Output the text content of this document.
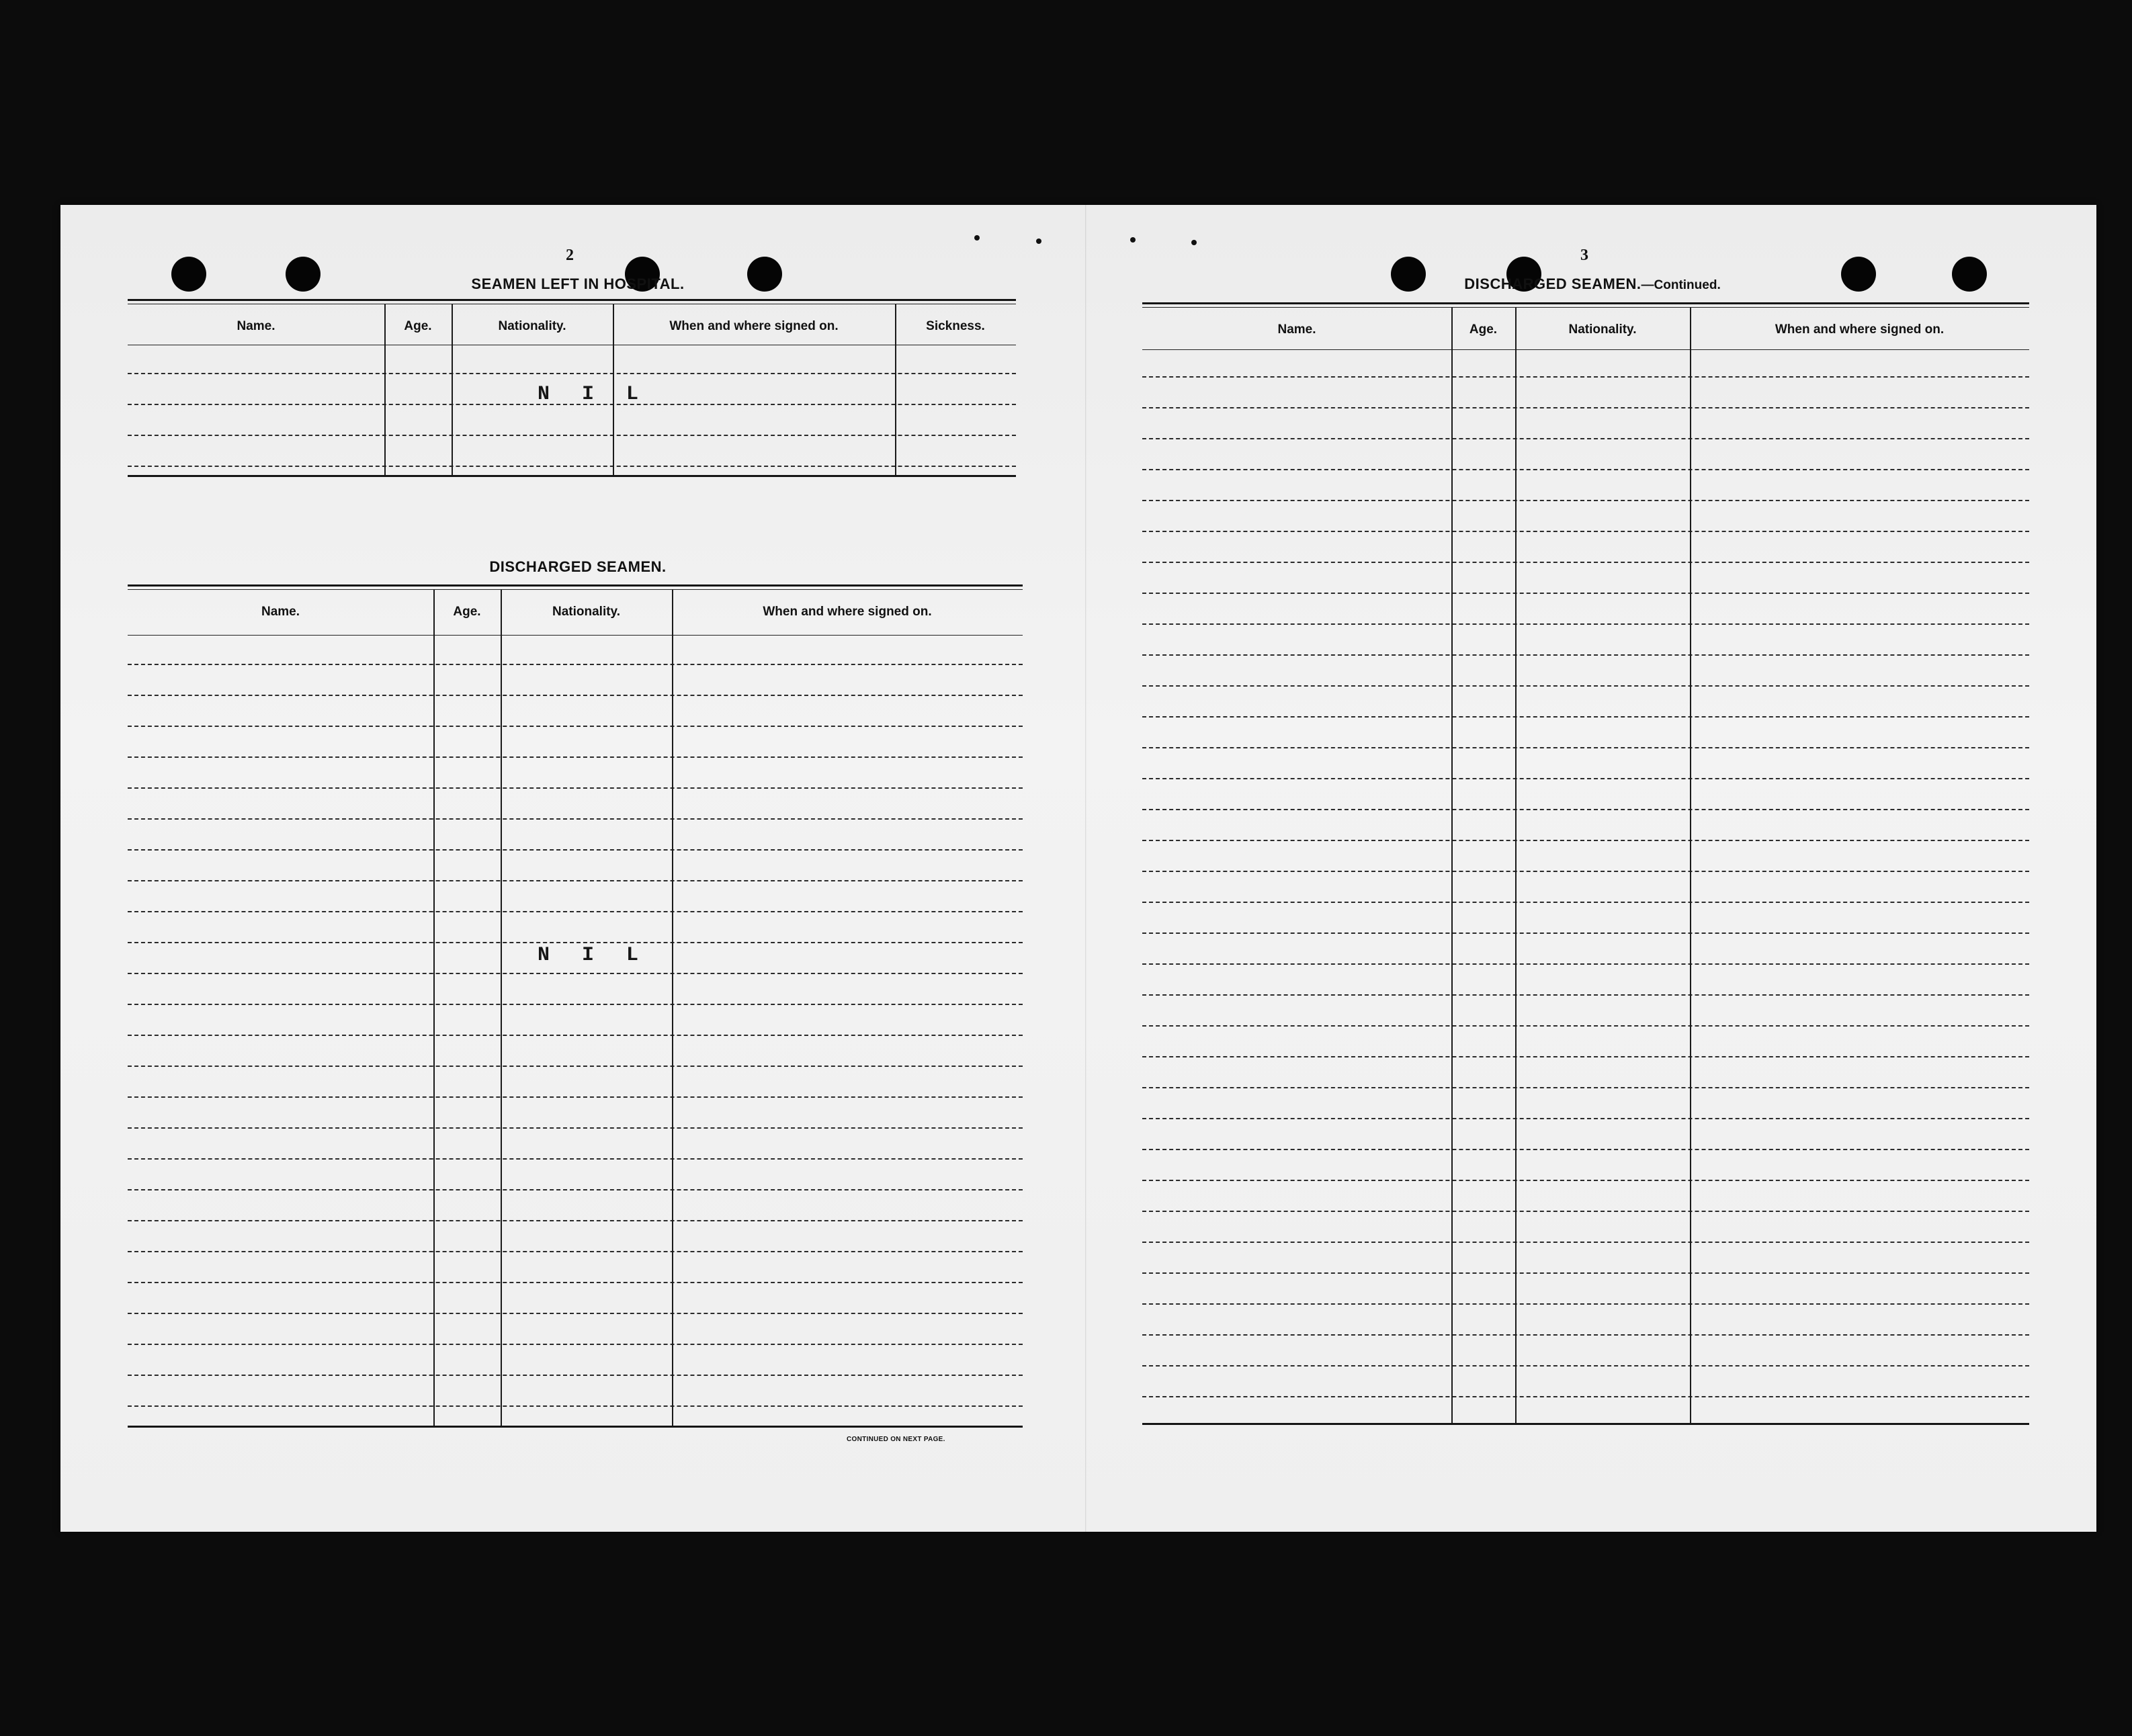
2
SEAMEN LEFT IN HOSPITAL.
Name.	Age.	Nationality.	When and where signed on.	Sickness.
N  I  L
DISCHARGED SEAMEN.
Name.	Age.	Nationality.	When and where signed on.
N  I  L
CONTINUED ON NEXT PAGE.
3
DISCHARGED SEAMEN.—Continued.
Name.	Age.	Nationality.	When and where signed on.
